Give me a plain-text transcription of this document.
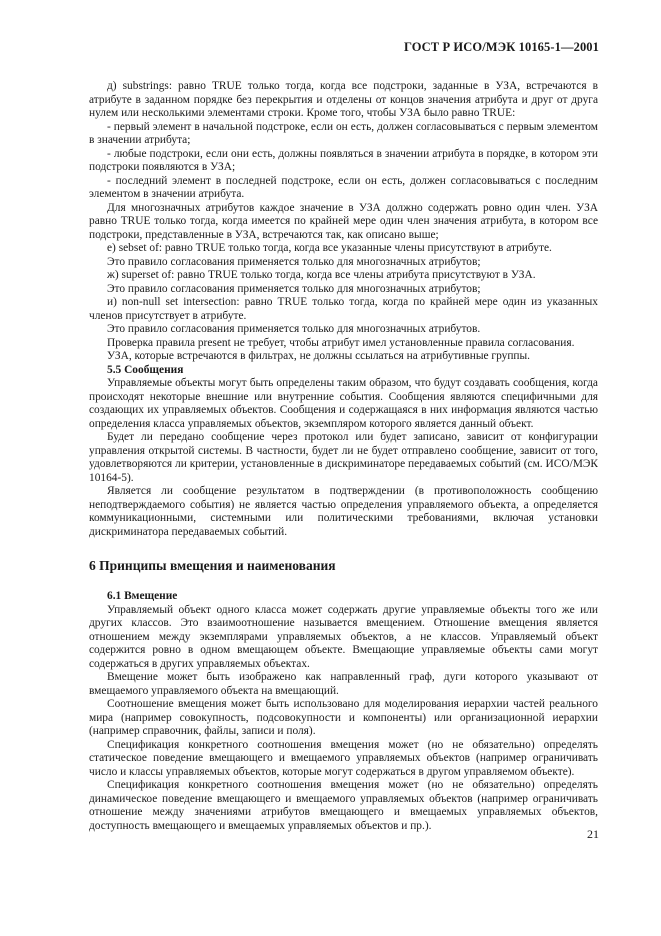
ГОСТ Р ИСО/МЭК 10165-1—2001

д) substrings: равно TRUE только тогда, когда все подстроки, заданные в УЗА, встречаются в атрибуте в заданном порядке без перекрытия и отделены от концов значения атрибута и друг от друга нулем или несколькими элементами строки. Кроме того, чтобы УЗА было равно TRUE:

- первый элемент в начальной подстроке, если он есть, должен согласовываться с первым элементом в значении атрибута;

- любые подстроки, если они есть, должны появляться в значении атрибута в порядке, в котором эти подстроки появляются в УЗА;

- последний элемент в последней подстроке, если он есть, должен согласовываться с последним элементом в значении атрибута.

Для многозначных атрибутов каждое значение в УЗА должно содержать ровно один член. УЗА равно TRUE только тогда, когда имеется по крайней мере один член значения атрибута, в котором все подстроки, представленные в УЗА, встречаются так, как описано выше;

е) sebset of: равно TRUE только тогда, когда все указанные члены присутствуют в атрибуте.

Это правило согласования применяется только для многозначных атрибутов;

ж) superset of: равно TRUE только тогда, когда все члены атрибута присутствуют в УЗА.

Это правило согласования применяется только для многозначных атрибутов;

и) non-null set intersection: равно TRUE только тогда, когда по крайней мере один из указанных членов присутствует в атрибуте.

Это правило согласования применяется только для многозначных атрибутов.

Проверка правила present не требует, чтобы атрибут имел установленные правила согласования.

УЗА, которые встречаются в фильтрах, не должны ссылаться на атрибутивные группы.

5.5 Сообщения

Управляемые объекты могут быть определены таким образом, что будут создавать сообщения, когда происходят некоторые внешние или внутренние события. Сообщения являются специфичными для создающих их управляемых объектов. Сообщения и содержащаяся в них информация являются частью определения класса управляемых объектов, экземпляром которого является данный объект.

Будет ли передано сообщение через протокол или будет записано, зависит от конфигурации управления открытой системы. В частности, будет ли не будет отправлено сообщение, зависит от того, удовлетворяются ли критерии, установленные в дискриминаторе передаваемых событий (см. ИСО/МЭК 10164-5).

Является ли сообщение результатом в подтверждении (в противоположность сообщению неподтверждаемого события) не является частью определения управляемого объекта, а определяется коммуникационными, системными или политическими требованиями, включая установки дискриминатора передаваемых событий.

6 Принципы вмещения и наименования
6.1 Вмещение

Управляемый объект одного класса может содержать другие управляемые объекты того же или других классов. Это взаимоотношение называется вмещением. Отношение вмещения является отношением между экземплярами управляемых объектов, а не классов. Управляемый объект содержится ровно в одном вмещающем объекте. Вмещающие управляемые объекты сами могут содержаться в других управляемых объектах.

Вмещение может быть изображено как направленный граф, дуги которого указывают от вмещаемого управляемого объекта на вмещающий.

Соотношение вмещения может быть использовано для моделирования иерархии частей реального мира (например совокупность, подсовокупности и компоненты) или организационной иерархии (например справочник, файлы, записи и поля).

Спецификация конкретного соотношения вмещения может (но не обязательно) определять статическое поведение вмещающего и вмещаемого управляемых объектов (например ограничивать число и классы управляемых объектов, которые могут содержаться в другом управляемом объекте).

Спецификация конкретного соотношения вмещения может (но не обязательно) определять динамическое поведение вмещающего и вмещаемого управляемых объектов (например ограничивать отношение между значениями атрибутов вмещающего и вмещаемых управляемых объектов, доступность вмещающего и вмещаемых управляемых объектов и пр.).

21
